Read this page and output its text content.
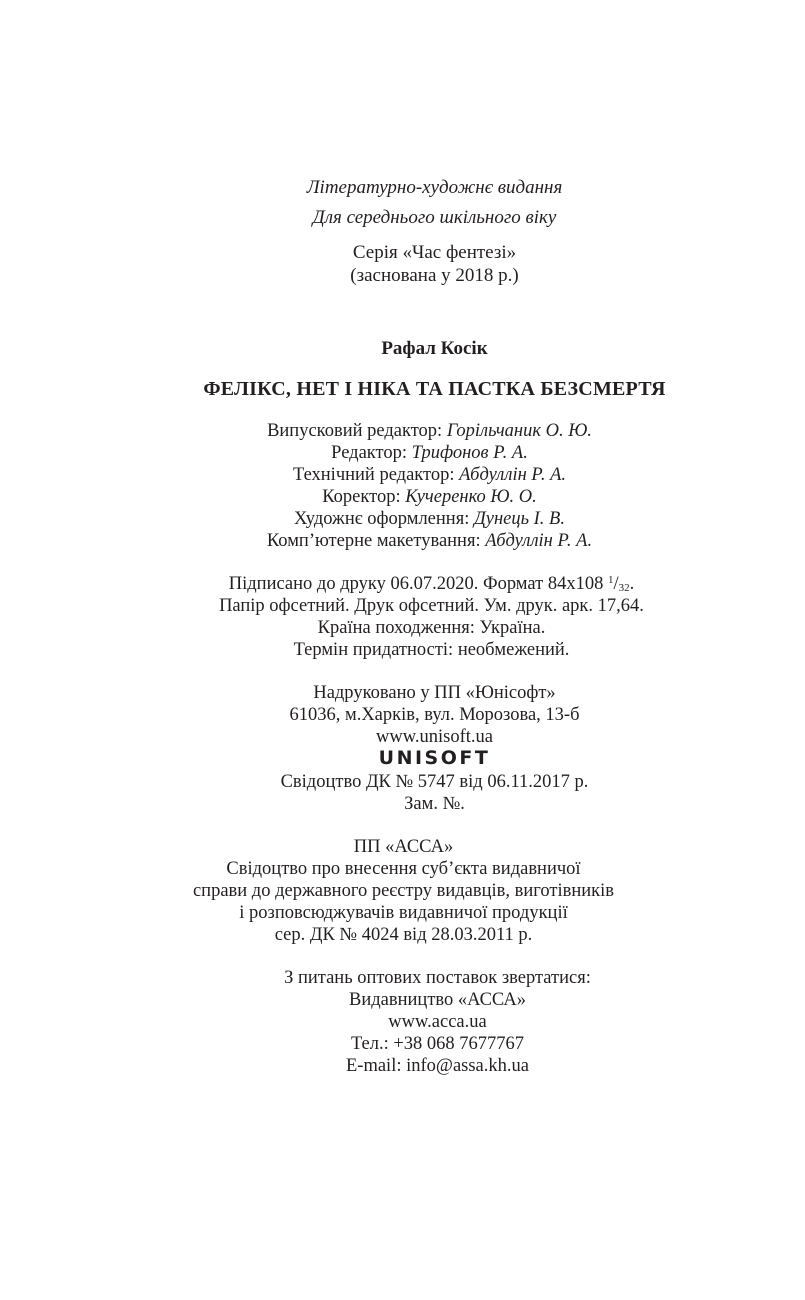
Літературно-художнє видання
Для середнього шкільного віку
Серія «Час фентезі»
(заснована у 2018 р.)
Рафал Косік
ФЕЛІКС, НЕТ І НІКА ТА ПАСТКА БЕЗСМЕРТЯ
Випусковий редактор: Горільчаник О. Ю.
Редактор: Трифонов Р. А.
Технічний редактор: Абдуллін Р. А.
Коректор: Кучеренко Ю. О.
Художнє оформлення: Дунець І. В.
Комп’ютерне макетування: Абдуллін Р. А.
Підписано до друку 06.07.2020. Формат 84х108 $^1/_{32}$.
Папір офсетний. Друк офсетний. Ум. друк. арк. 17,64.
Країна походження: Україна.
Термін придатності: необмежений.
Надруковано у ПП «Юнісофт»
61036, м.Харків, вул. Морозова, 13-б
www.unisoft.ua
UNISOFT
Свідоцтво ДК № 5747 від 06.11.2017 р.
Зам. №.
ПП «АССА»
Свідоцтво про внесення суб’єкта видавничої
справи до державного реєстру видавців, виготівників
і розповсюджувачів видавничої продукції
сер. ДК № 4024 від 28.03.2011 р.
З питань оптових поставок звертатися:
Видавництво «АССА»
www.acca.ua
Тел.: +38 068 7677767
E-mail: info@assa.kh.ua
